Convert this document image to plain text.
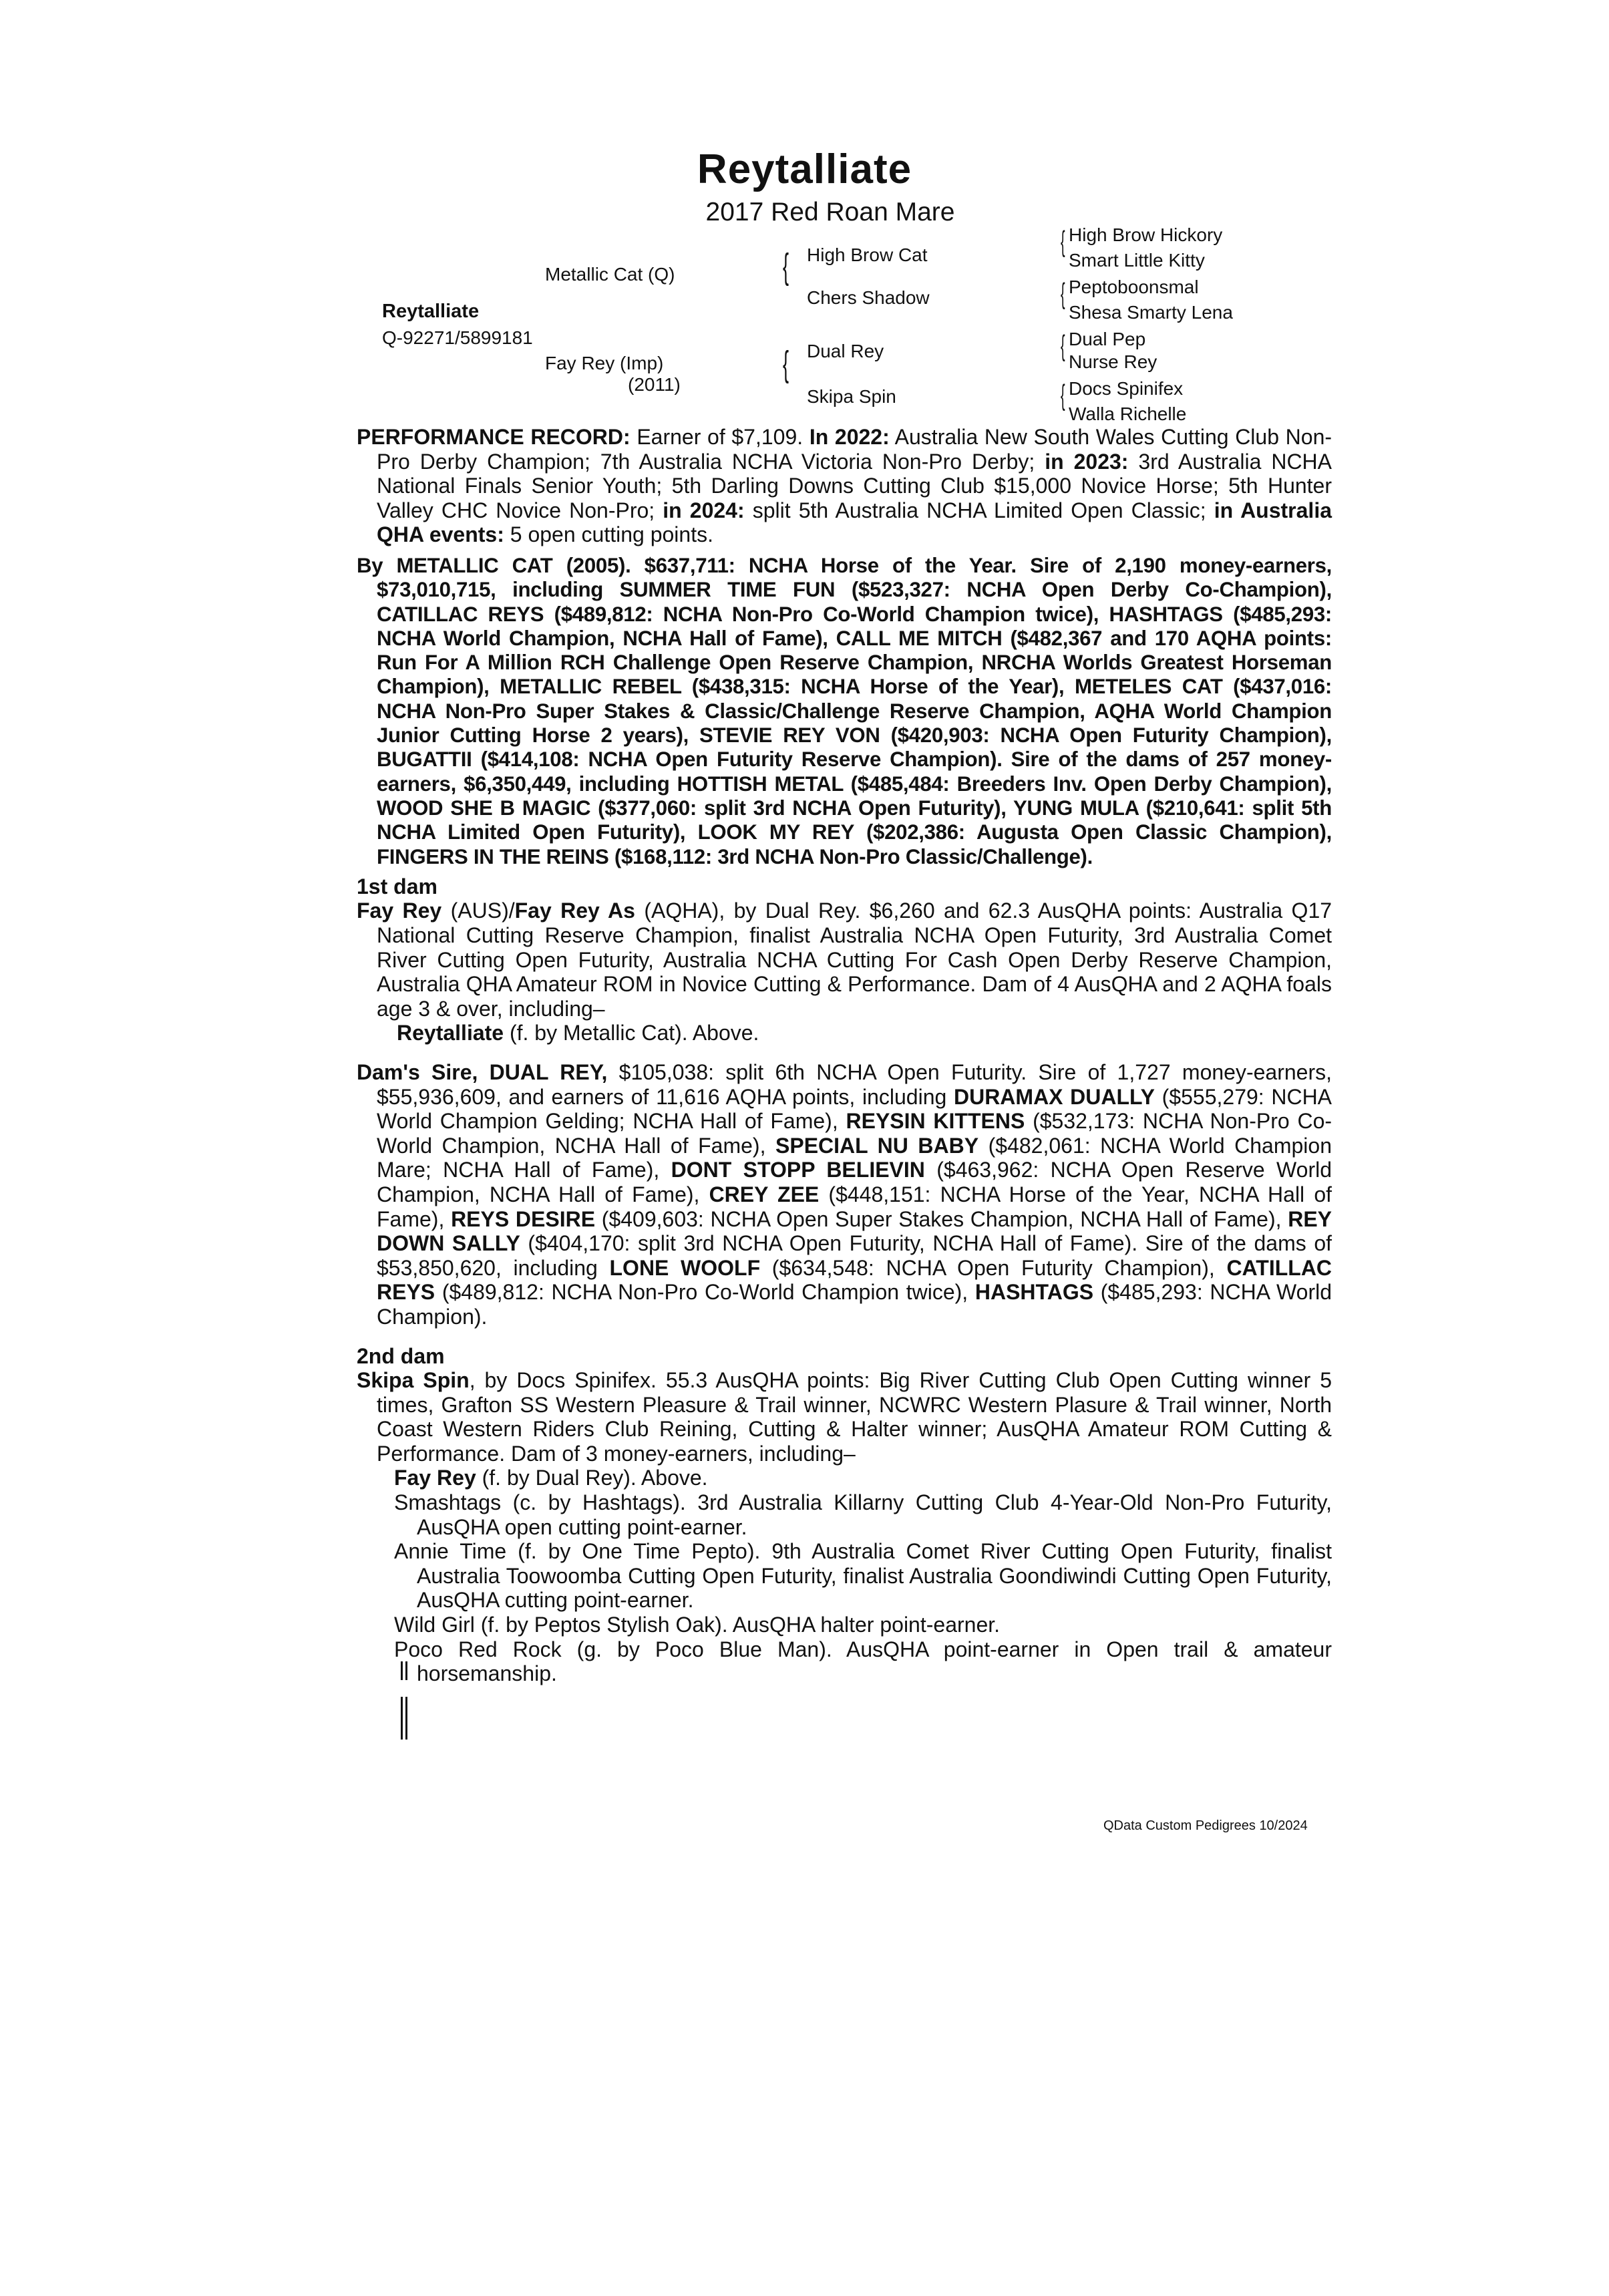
Reytalliate
2017 Red Roan Mare
Reytalliate
Q-92271/5899181
Metallic Cat (Q)
Fay Rey (Imp)
(2011)
{ High Brow Cat
Chers Shadow
{ Dual Rey
Skipa Spin
{ High Brow Hickory
Smart Little Kitty
{ Peptoboonsmal
Shesa Smarty Lena
{ Dual Pep
Nurse Rey
{ Docs Spinifex
Walla Richelle

PERFORMANCE RECORD: Earner of $7,109. In 2022: Australia New South Wales Cutting Club Non-Pro Derby Champion; 7th Australia NCHA Victoria Non-Pro Derby; in 2023: 3rd Australia NCHA National Finals Senior Youth; 5th Darling Downs Cutting Club $15,000 Novice Horse; 5th Hunter Valley CHC Novice Non-Pro; in 2024: split 5th Australia NCHA Limited Open Classic; in Australia QHA events: 5 open cutting points.

By METALLIC CAT (2005). $637,711: NCHA Horse of the Year. Sire of 2,190 money-earners, $73,010,715, including SUMMER TIME FUN ($523,327: NCHA Open Derby Co-Champion), CATILLAC REYS ($489,812: NCHA Non-Pro Co-World Champion twice), HASHTAGS ($485,293: NCHA World Champion, NCHA Hall of Fame), CALL ME MITCH ($482,367 and 170 AQHA points: Run For A Million RCH Challenge Open Reserve Champion, NRCHA Worlds Greatest Horseman Champion), METALLIC REBEL ($438,315: NCHA Horse of the Year), METELES CAT ($437,016: NCHA Non-Pro Super Stakes & Classic/Challenge Reserve Champion, AQHA World Champion Junior Cutting Horse 2 years), STEVIE REY VON ($420,903: NCHA Open Futurity Champion), BUGATTII ($414,108: NCHA Open Futurity Reserve Champion). Sire of the dams of 257 money-earners, $6,350,449, including HOTTISH METAL ($485,484: Breeders Inv. Open Derby Champion), WOOD SHE B MAGIC ($377,060: split 3rd NCHA Open Futurity), YUNG MULA ($210,641: split 5th NCHA Limited Open Futurity), LOOK MY REY ($202,386: Augusta Open Classic Champion), FINGERS IN THE REINS ($168,112: 3rd NCHA Non-Pro Classic/Challenge).

1st dam

Fay Rey (AUS)/Fay Rey As (AQHA), by Dual Rey. $6,260 and 62.3 AusQHA points: Australia Q17 National Cutting Reserve Champion, finalist Australia NCHA Open Futurity, 3rd Australia Comet River Cutting Open Futurity, Australia NCHA Cutting For Cash Open Derby Reserve Champion, Australia QHA Amateur ROM in Novice Cutting & Performance. Dam of 4 AusQHA and 2 AQHA foals age 3 & over, including–

Reytalliate (f. by Metallic Cat). Above.

Dam's Sire, DUAL REY, $105,038: split 6th NCHA Open Futurity. Sire of 1,727 money-earners, $55,936,609, and earners of 11,616 AQHA points, including DURAMAX DUALLY ($555,279: NCHA World Champion Gelding; NCHA Hall of Fame), REYSIN KITTENS ($532,173: NCHA Non-Pro Co-World Champion, NCHA Hall of Fame), SPECIAL NU BABY ($482,061: NCHA World Champion Mare; NCHA Hall of Fame), DONT STOPP BELIEVIN ($463,962: NCHA Open Reserve World Champion, NCHA Hall of Fame), CREY ZEE ($448,151: NCHA Horse of the Year, NCHA Hall of Fame), REYS DESIRE ($409,603: NCHA Open Super Stakes Champion, NCHA Hall of Fame), REY DOWN SALLY ($404,170: split 3rd NCHA Open Futurity, NCHA Hall of Fame). Sire of the dams of $53,850,620, including LONE WOOLF ($634,548: NCHA Open Futurity Champion), CATILLAC REYS ($489,812: NCHA Non-Pro Co-World Champion twice), HASHTAGS ($485,293: NCHA World Champion).

2nd dam

Skipa Spin, by Docs Spinifex. 55.3 AusQHA points: Big River Cutting Club Open Cutting winner 5 times, Grafton SS Western Pleasure & Trail winner, NCWRC Western Plasure & Trail winner, North Coast Western Riders Club Reining, Cutting & Halter winner; AusQHA Amateur ROM Cutting & Performance. Dam of 3 money-earners, including–

Fay Rey (f. by Dual Rey). Above.

Smashtags (c. by Hashtags). 3rd Australia Killarny Cutting Club 4-Year-Old Non-Pro Futurity, AusQHA open cutting point-earner.

Annie Time (f. by One Time Pepto). 9th Australia Comet River Cutting Open Futurity, finalist Australia Toowoomba Cutting Open Futurity, finalist Australia Goondiwindi Cutting Open Futurity, AusQHA cutting point-earner.

Wild Girl (f. by Peptos Stylish Oak). AusQHA halter point-earner.

Poco Red Rock (g. by Poco Blue Man). AusQHA point-earner in Open trail & amateur horsemanship.

QData Custom Pedigrees 10/2024
